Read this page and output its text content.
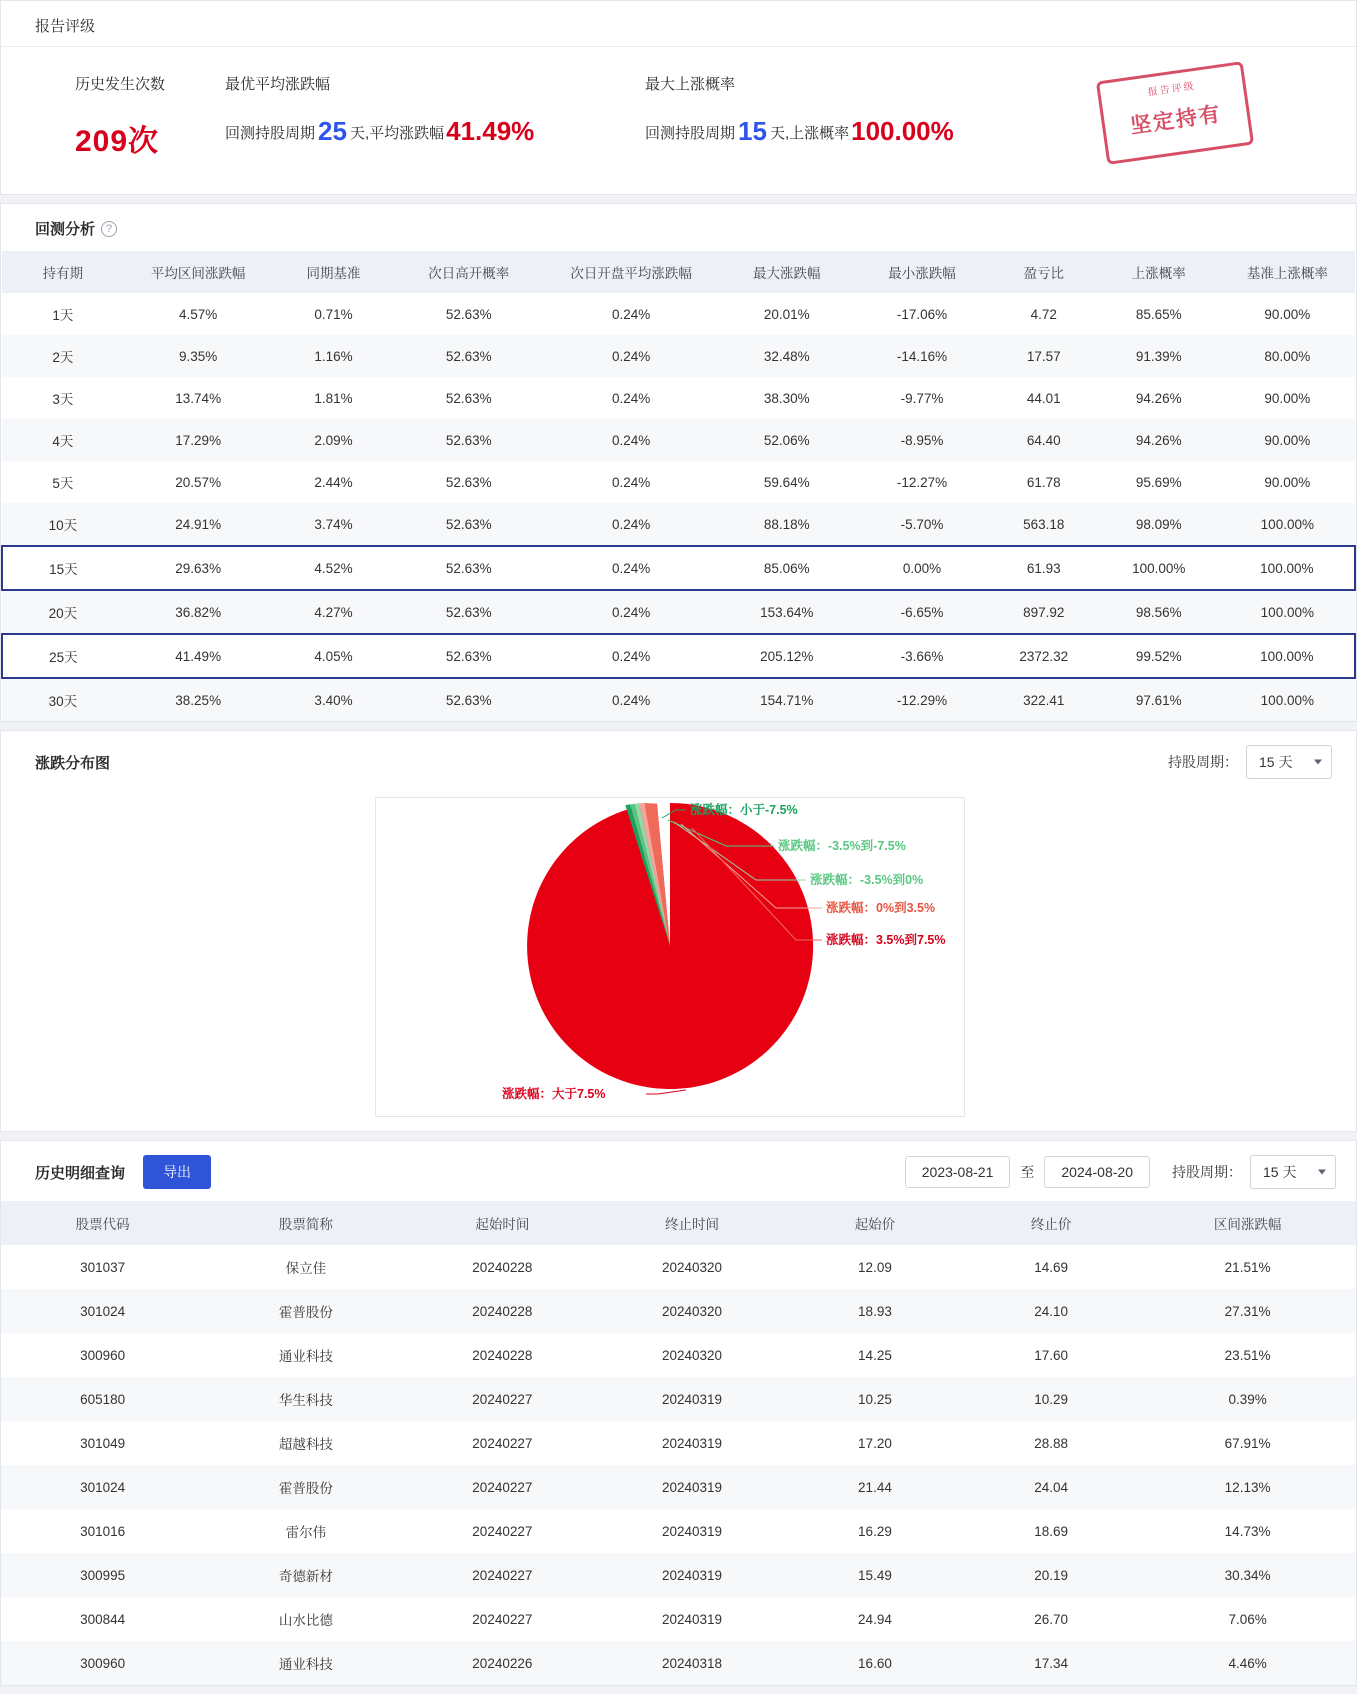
报告评级
历史发生次数
209次
最优平均涨跌幅
回测持股周期 25 天,平均涨跌幅41.49%
最大上涨概率
回测持股周期 15 天,上涨概率100.00%
报告评级
坚定持有
回测分析 ?
持有期	平均区间涨跌幅	同期基准	次日高开概率	次日开盘平均涨跌幅	最大涨跌幅	最小涨跌幅	盈亏比	上涨概率	基准上涨概率
1天	4.57%	0.71%	52.63%	0.24%	20.01%	-17.06%	4.72	85.65%	90.00%
2天	9.35%	1.16%	52.63%	0.24%	32.48%	-14.16%	17.57	91.39%	80.00%
3天	13.74%	1.81%	52.63%	0.24%	38.30%	-9.77%	44.01	94.26%	90.00%
4天	17.29%	2.09%	52.63%	0.24%	52.06%	-8.95%	64.40	94.26%	90.00%
5天	20.57%	2.44%	52.63%	0.24%	59.64%	-12.27%	61.78	95.69%	90.00%
10天	24.91%	3.74%	52.63%	0.24%	88.18%	-5.70%	563.18	98.09%	100.00%

15天	29.63%	4.52%	52.63%	0.24%	85.06%	0.00%	61.93	100.00%	100.00%
20天	36.82%	4.27%	52.63%	0.24%	153.64%	-6.65%	897.92	98.56%	100.00%

25天	41.49%	4.05%	52.63%	0.24%	205.12%	-3.66%	2372.32	99.52%	100.00%
30天	38.25%	3.40%	52.63%	0.24%	154.71%	-12.29%	322.41	97.61%	100.00%
涨跌分布图	持股周期：	15 天
涨跌幅：小于-7.5%
涨跌幅：-3.5%到-7.5%
涨跌幅：-3.5%到0%
涨跌幅：0%到3.5%
涨跌幅：3.5%到7.5%
涨跌幅：大于7.5%
历史明细查询	导出	2023-08-21	至	2024-08-20	持股周期：	15 天
股票代码	股票简称	起始时间	终止时间	起始价	终止价	区间涨跌幅
301037	保立佳	20240228	20240320	12.09	14.69	21.51%
301024	霍普股份	20240228	20240320	18.93	24.10	27.31%
300960	通业科技	20240228	20240320	14.25	17.60	23.51%
605180	华生科技	20240227	20240319	10.25	10.29	0.39%
301049	超越科技	20240227	20240319	17.20	28.88	67.91%
301024	霍普股份	20240227	20240319	21.44	24.04	12.13%
301016	雷尔伟	20240227	20240319	16.29	18.69	14.73%
300995	奇德新材	20240227	20240319	15.49	20.19	30.34%
300844	山水比德	20240227	20240319	24.94	26.70	7.06%
300960	通业科技	20240226	20240318	16.60	17.34	4.46%
